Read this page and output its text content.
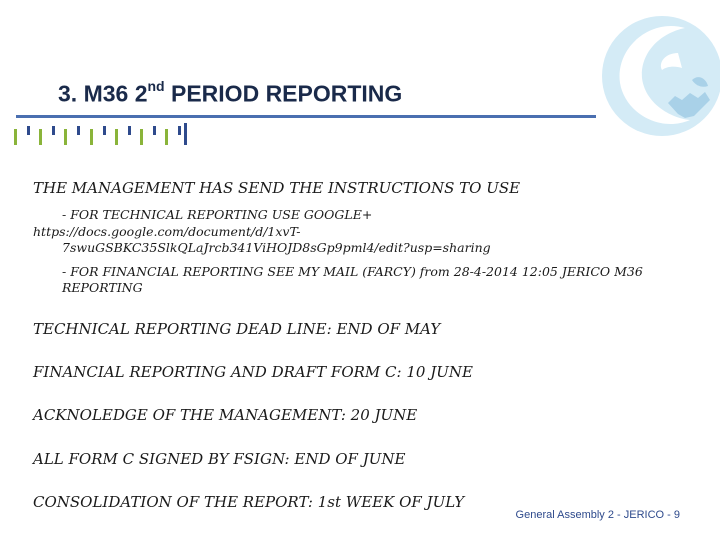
3. M36 2nd PERIOD REPORTING
THE MANAGEMENT HAS SEND THE INSTRUCTIONS TO USE
- FOR TECHNICAL REPORTING USE GOOGLE+
https://docs.google.com/document/d/1xvT-
7swuGSBKC35SlkQLaJrcb341ViHOJD8sGp9pml4/edit?usp=sharing
- FOR FINANCIAL REPORTING SEE MY MAIL (FARCY) from 28-4-2014 12:05 JERICO M36
REPORTING
TECHNICAL REPORTING DEAD LINE: END OF MAY
FINANCIAL REPORTING AND DRAFT FORM C: 10 JUNE
ACKNOLEDGE OF THE MANAGEMENT: 20 JUNE
ALL FORM C SIGNED BY FSIGN: END OF JUNE
CONSOLIDATION OF THE REPORT: 1st WEEK OF JULY
General Assembly 2 - JERICO - 9
